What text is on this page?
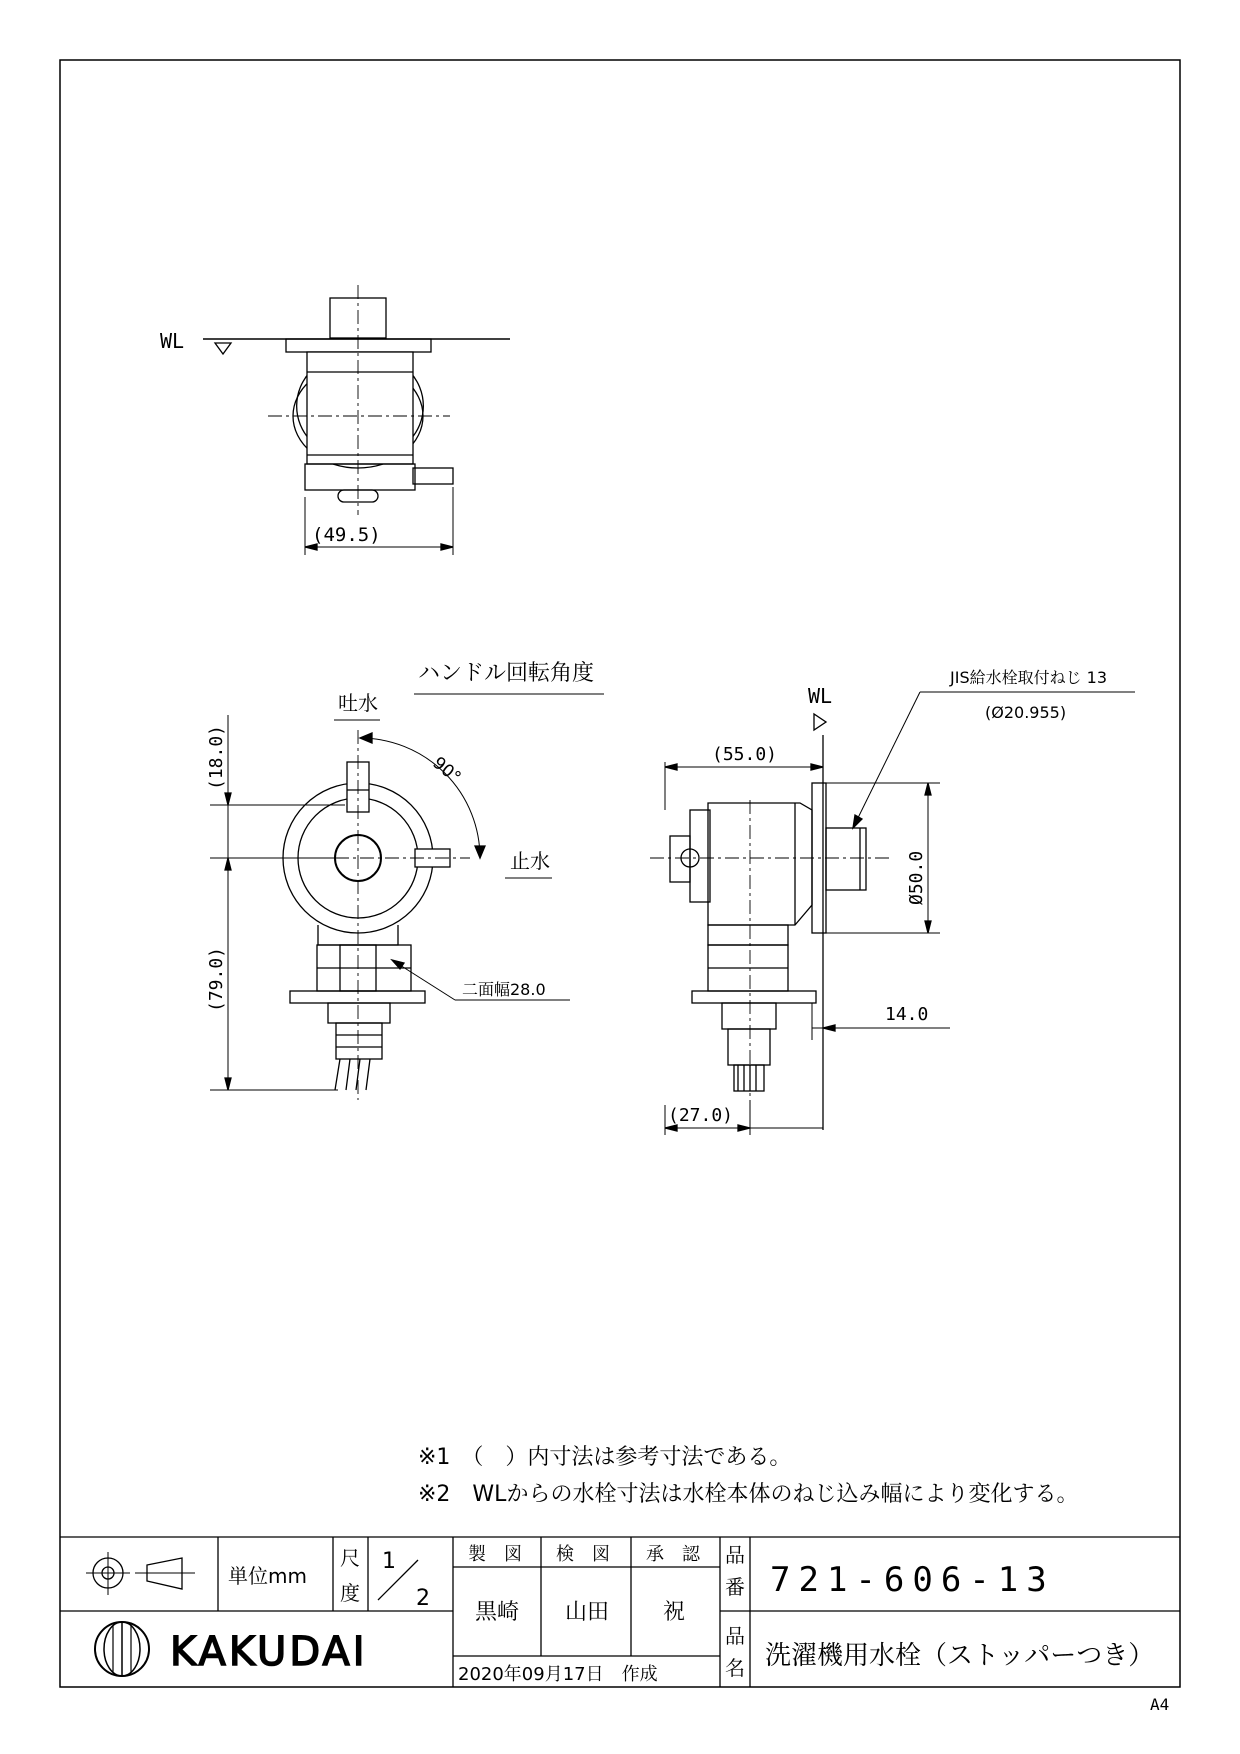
WL
(49.5)
ハンドル回転角度
吐水
止水
90°
(18.0)
(79.0)	二面幅28.0
WL
JIS給水栓取付ねじ 13
(Ø20.955)
(55.0)
Ø50.0
14.0
(27.0)
※1　（　）内寸法は参考寸法である。
※2　WLからの水栓寸法は水栓本体のねじ込み幅により変化する。
KAKUDAI
単位mm
尺
度
1
2
製　図 検　図 承　認
黒崎 山田 祝
2020年09月17日　作成
品
番 721-606-13
品
名 洗濯機用水栓（ストッパーつき）
A4
